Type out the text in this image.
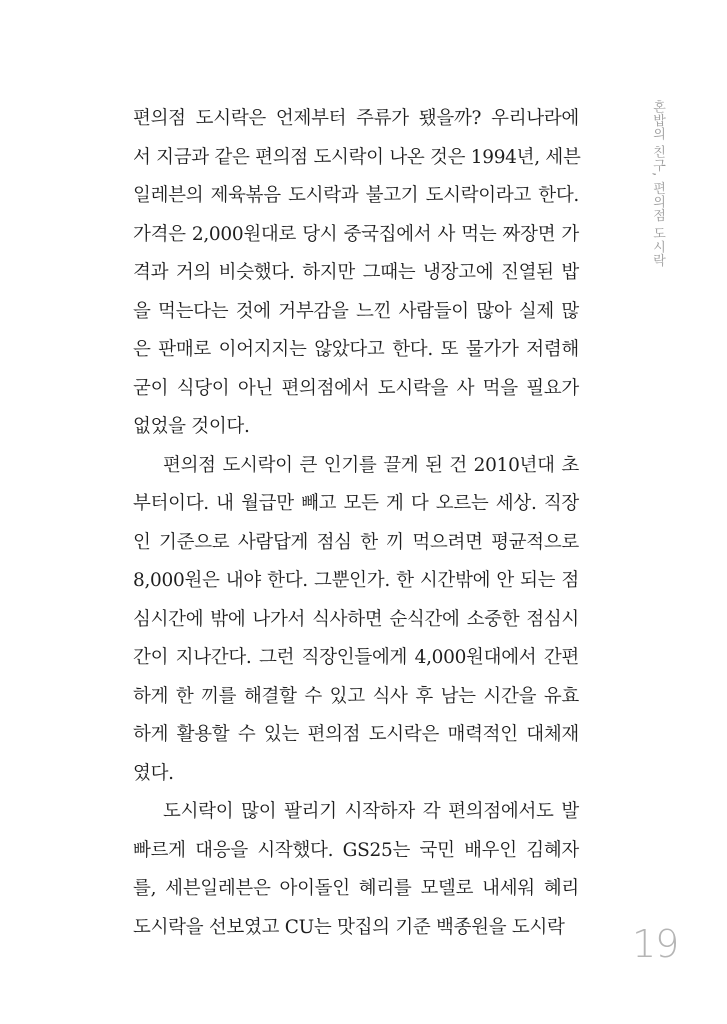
혼밥의 친구, 편의점 도시락
편의점 도시락은 언제부터 주류가 됐을까? 우리나라에
서 지금과 같은 편의점 도시락이 나온 것은 1994년, 세븐
일레븐의 제육볶음 도시락과 불고기 도시락이라고 한다.
가격은 2,000원대로 당시 중국집에서 사 먹는 짜장면 가
격과 거의 비슷했다. 하지만 그때는 냉장고에 진열된 밥
을 먹는다는 것에 거부감을 느낀 사람들이 많아 실제 많
은 판매로 이어지지는 않았다고 한다. 또 물가가 저렴해
굳이 식당이 아닌 편의점에서 도시락을 사 먹을 필요가
없었을 것이다.
편의점 도시락이 큰 인기를 끌게 된 건 2010년대 초
부터이다. 내 월급만 빼고 모든 게 다 오르는 세상. 직장
인 기준으로 사람답게 점심 한 끼 먹으려면 평균적으로
8,000원은 내야 한다. 그뿐인가. 한 시간밖에 안 되는 점
심시간에 밖에 나가서 식사하면 순식간에 소중한 점심시
간이 지나간다. 그런 직장인들에게 4,000원대에서 간편
하게 한 끼를 해결할 수 있고 식사 후 남는 시간을 유효
하게 활용할 수 있는 편의점 도시락은 매력적인 대체재
였다.
도시락이 많이 팔리기 시작하자 각 편의점에서도 발
빠르게 대응을 시작했다. GS25는 국민 배우인 김혜자
를, 세븐일레븐은 아이돌인 혜리를 모델로 내세워 혜리
도시락을 선보였고 CU는 맛집의 기준 백종원을 도시락	19
